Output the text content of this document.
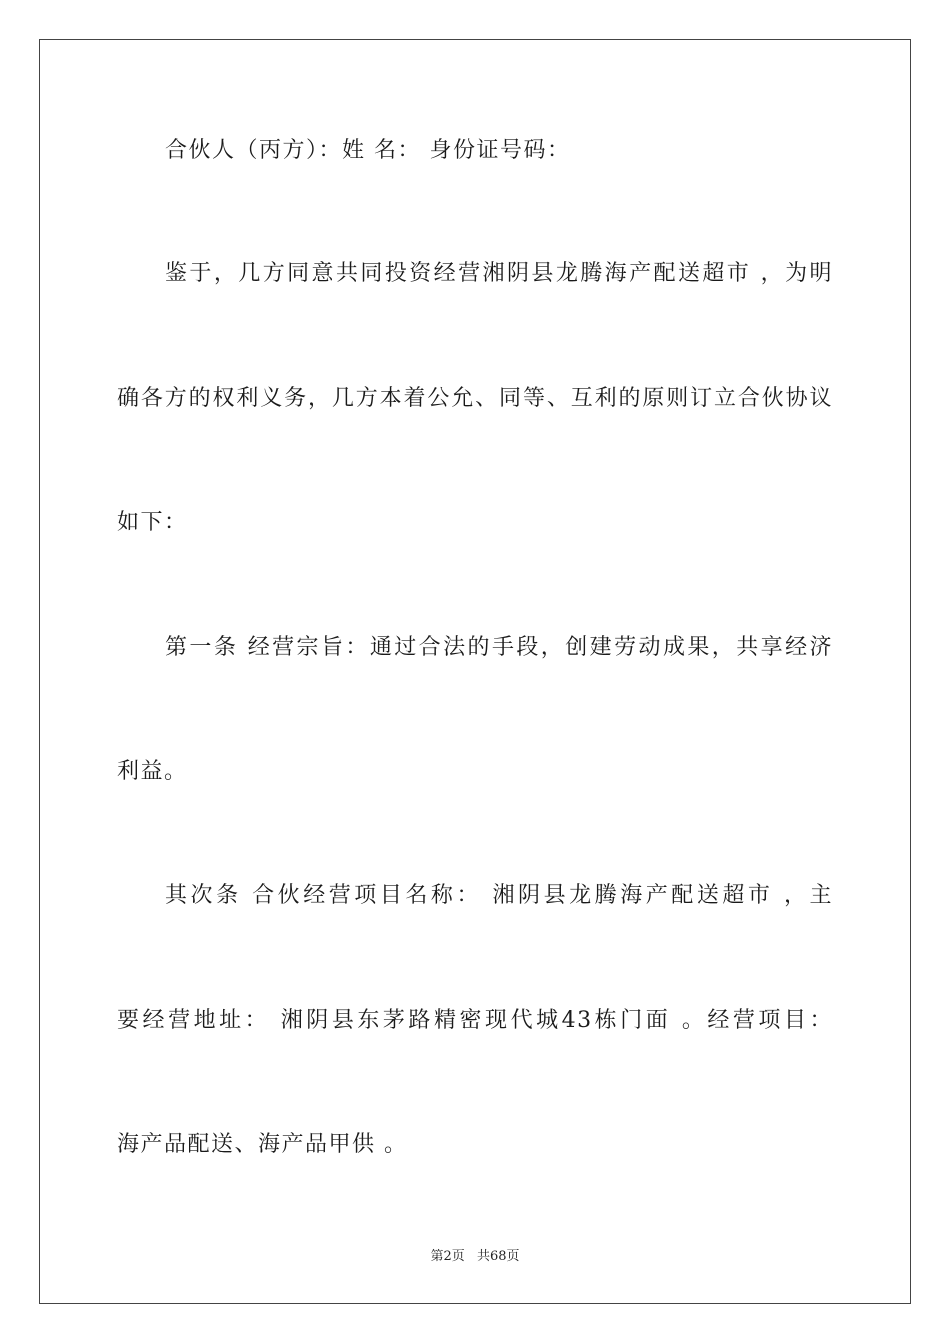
合伙人（丙方）：姓 名： 身份证号码：
鉴于，几方同意共同投资经营湘阴县龙腾海产配送超市 ，为明
确各方的权利义务，几方本着公允、同等、互利的原则订立合伙协议
如下：
第一条 经营宗旨：通过合法的手段，创建劳动成果，共享经济
利益。
其次条 合伙经营项目名称： 湘阴县龙腾海产配送超市 ，主
要经营地址： 湘阴县东茅路精密现代城43栋门面 。经营项目：
海产品配送、海产品甲供 。
第2页 共68页
